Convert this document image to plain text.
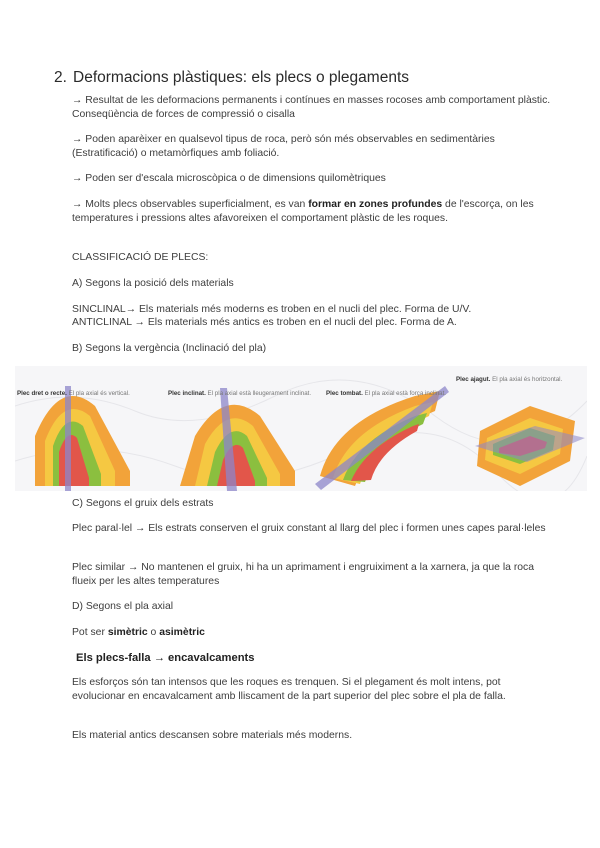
2. Deformacions plàstiques: els plecs o plegaments
→ Resultat de les deformacions permanents i contínues en masses rocoses amb comportament plàstic. Conseqüència de forces de compressió o cisalla
→ Poden aparèixer en qualsevol tipus de roca, però són més observables en sedimentàries (Estratificació) o metamòrfiques amb foliació.
→ Poden ser d'escala microscòpica o de dimensions quilomètriques
→ Molts plecs observables superficialment, es van formar en zones profundes de l'escorça, on les temperatures i pressions altes afavoreixen el comportament plàstic de les roques.
CLASSIFICACIÓ DE PLECS:
A) Segons la posició dels materials
SINCLINAL→ Els materials més moderns es troben en el nucli del plec. Forma de U/V.
ANTICLINAL → Els materials més antics es troben en el nucli del plec. Forma de A.
B) Segons la vergència (Inclinació del pla)
Plec dret o recte. El pla axial és vertical.	Plec inclinat. El pla axial està lleugerament inclinat.	Plec tombat. El pla axial està força inclinat.
Plec ajagut. El pla axial és horitzontal.
C) Segons el gruix dels estrats
Plec paral·lel → Els estrats conserven el gruix constant al llarg del plec i formen unes capes paral·leles
Plec similar → No mantenen el gruix, hi ha un aprimament i engruiximent a la xarnera, ja que la roca flueix per les altes temperatures
D) Segons el pla axial
Pot ser simètric o asimètric
Els plecs-falla → encavalcaments
Els esforços són tan intensos que les roques es trenquen. Si el plegament és molt intens, pot evolucionar en encavalcament amb lliscament de la part superior del plec sobre el pla de falla.
Els material antics descansen sobre materials més moderns.
